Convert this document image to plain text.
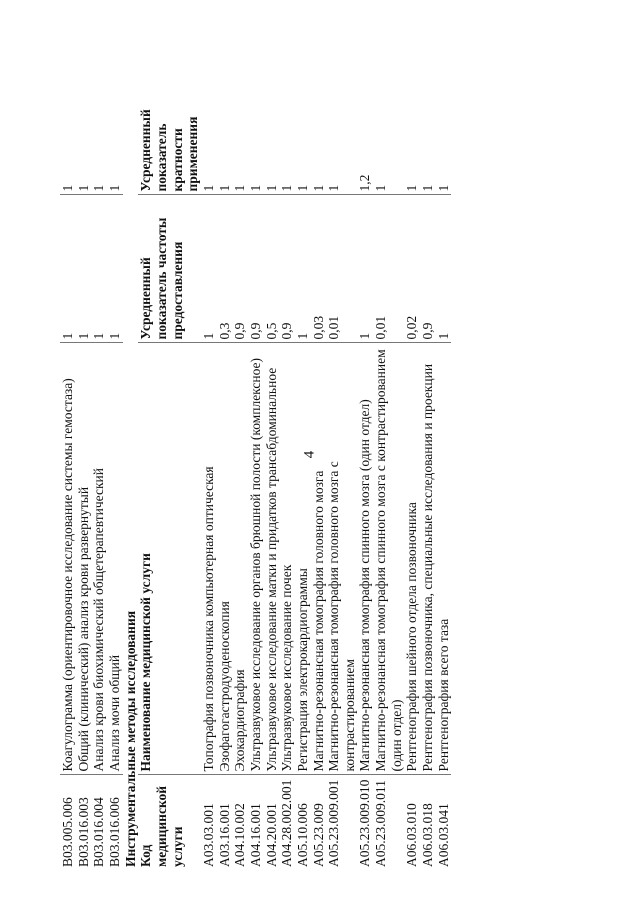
4
В03.005.006	Коагулограмма (ориентировочное исследование системы гемостаза)	1	1
В03.016.003	Общий (клинический) анализ крови развернутый	1	1
В03.016.004	Анализ крови биохимический общетерапевтический	1	1
В03.016.006	Анализ мочи общий	1	1
Инструментальные методы исследования			
Код медицинской услуги	Наименование медицинской услуги	Усредненный показатель частоты предоставления	Усредненный показатель кратности применения
А03.03.001	Топография позвоночника компьютерная оптическая	1	1
А03.16.001	Эзофагогастродуоденоскопия	0,3	1
А04.10.002	Эхокардиография	0,9	1
А04.16.001	Ультразвуковое исследование органов брюшной полости (комплексное)	0,9	1
А04.20.001	Ультразвуковое исследование матки и придатков трансабдоминальное	0,5	1
А04.28.002.001	Ультразвуковое исследование почек	0,9	1
А05.10.006	Регистрация электрокардиограммы	1	1
А05.23.009	Магнитно-резонансная томография головного мозга	0,03	1
А05.23.009.001	Магнитно-резонансная томография головного мозга с контрастированием	0,01	1
А05.23.009.010	Магнитно-резонансная томография спинного мозга (один отдел)	1	1,2
А05.23.009.011	Магнитно-резонансная томография спинного мозга с контрастированием (один отдел)	0,01	1
А06.03.010	Рентгенография шейного отдела позвоночника	0,02	1
А06.03.018	Рентгенография позвоночника, специальные исследования и проекции	0,9	1
А06.03.041	Рентгенография всего таза	1	1
